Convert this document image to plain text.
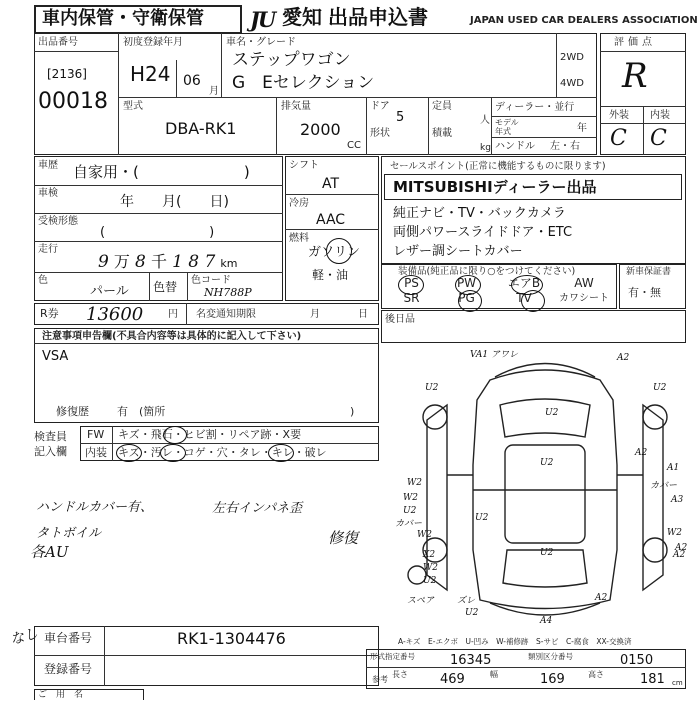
車内保管・守衛保管 JU 愛知 出品申込書	JAPAN USED CAR DEALERS ASSOCIATION
出品番号
[2136]
00018
初度登録年月
H24 06
月
車名・グレード
ステップワゴン
G　Eセレクション
2WD
4WD
型式
DBA-RK1
排気量
2000
CC
ドア
5
形状
定員
人
積載
kg
ディーラー・並行
モデル年式	年
ハンドル 左・右
評価点
R
外装 内装
C C
車歴 自家用・(　　　　　　　)
車検
年　　月(　　日)
受検形態
(　　　　　　　　)
走行
9 万 8 千 1 8 7 km
色
パール 色替 色コード
NH788P
R券 13600 円 名変通知期限	月	日
シフト
AT
冷房
AAC
燃料
ガソリン
軽・油
セールスポイント(正常に機能するものに限ります)
MITSUBISHIディーラー出品
純正ナビ・TV・バックカメラ
両側パワースライドドア・ETC
レザー調シートカバー
装備品(純正品に限り○をつけてください)
PS	PW	エアB	AW
SR	PG	TV	カワシート
新車保証書
有・無
後日品
注意事項申告欄(不具合内容等は具体的に記入して下さい)
VSA
修復歴	有　(箇所	)
検査員
記入欄
FW キズ・飛石・ヒビ割・リペア跡・X要
内装 キズ・汚レ・コゲ・穴・タレ・キレ・破レ
ハンドルカバー有、
タトボイル
各AU
左右インパネ歪
修復
なし
VA1 アワレ	A2
U2	U2
U2
U2
W2
A1
カバー
A3
W2
U2
カバー
W2
U2	A2
W2
U2
スペア	ズレ
U2
A4
A2
U2
W2
X2
A2
A2
A-キズ　E-エクボ　U-凹み　W-補修跡　S-サビ　C-腐食　XX-交換済
車台番号	RK1-1304476
登録番号
形式指定番号	16345	類別区分番号	0150
参考
長さ 469	幅	169	高さ	181 cm
ご　用　名　
